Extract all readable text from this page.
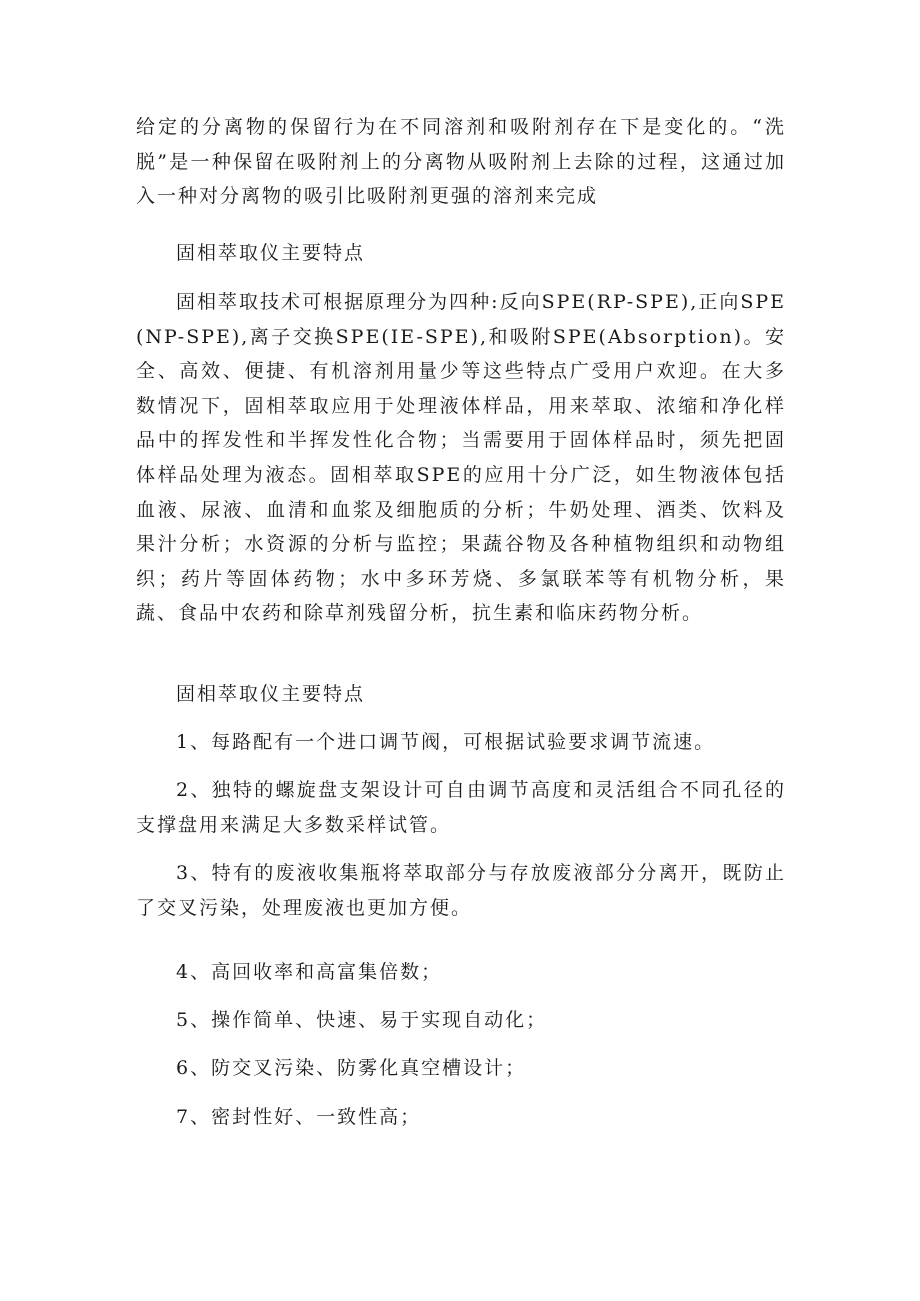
给定的分离物的保留行为在不同溶剂和吸附剂存在下是变化的。“洗脱”是一种保留在吸附剂上的分离物从吸附剂上去除的过程，这通过加入一种对分离物的吸引比吸附剂更强的溶剂来完成

固相萃取仪主要特点

固相萃取技术可根据原理分为四种:反向SPE(RP-SPE),正向SPE(NP-SPE),离子交换SPE(IE-SPE),和吸附SPE(Absorption)。安全、高效、便捷、有机溶剂用量少等这些特点广受用户欢迎。在大多数情况下，固相萃取应用于处理液体样品，用来萃取、浓缩和净化样品中的挥发性和半挥发性化合物；当需要用于固体样品时，须先把固体样品处理为液态。固相萃取SPE的应用十分广泛，如生物液体包括血液、尿液、血清和血浆及细胞质的分析；牛奶处理、酒类、饮料及果汁分析；水资源的分析与监控；果蔬谷物及各种植物组织和动物组织；药片等固体药物；水中多环芳烧、多氯联苯等有机物分析，果蔬、食品中农药和除草剂残留分析，抗生素和临床药物分析。

固相萃取仪主要特点

1、每路配有一个进口调节阀，可根据试验要求调节流速。

2、独特的螺旋盘支架设计可自由调节高度和灵活组合不同孔径的支撑盘用来满足大多数采样试管。

3、特有的废液收集瓶将萃取部分与存放废液部分分离开，既防止了交叉污染，处理废液也更加方便。

4、高回收率和高富集倍数；

5、操作简单、快速、易于实现自动化；

6、防交叉污染、防雾化真空槽设计；

7、密封性好、一致性高；
